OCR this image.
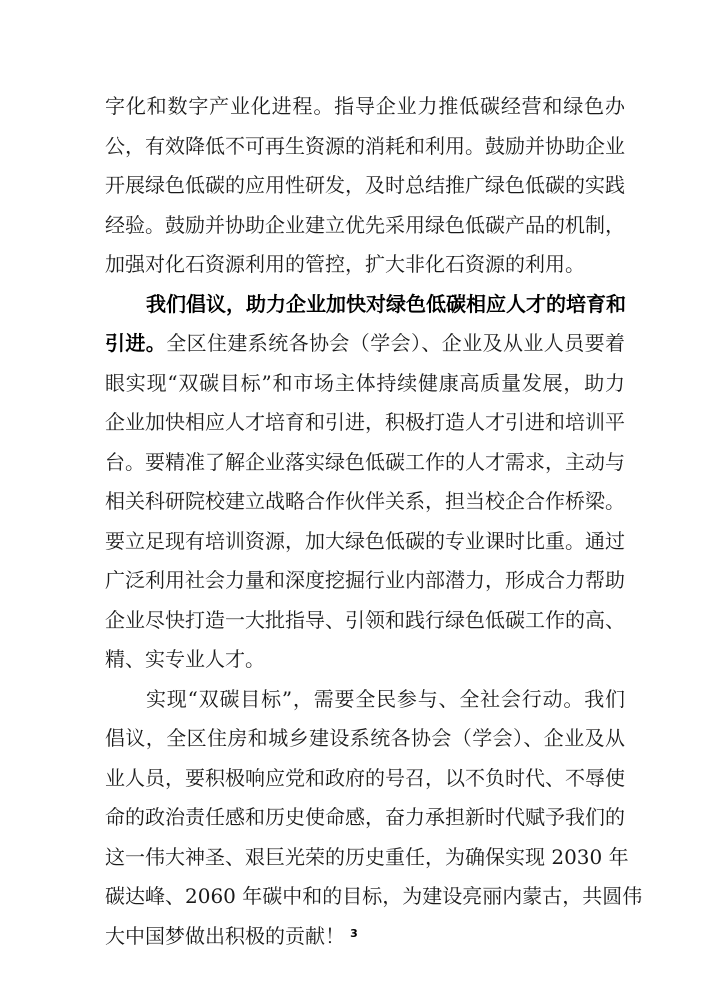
字化和数字产业化进程。指导企业力推低碳经营和绿色办
公，有效降低不可再生资源的消耗和利用。鼓励并协助企业
开展绿色低碳的应用性研发，及时总结推广绿色低碳的实践
经验。鼓励并协助企业建立优先采用绿色低碳产品的机制，
加强对化石资源利用的管控，扩大非化石资源的利用。
我们倡议，助力企业加快对绿色低碳相应人才的培育和
引进。全区住建系统各协会（学会）、企业及从业人员要着
眼实现“双碳目标”和市场主体持续健康高质量发展，助力
企业加快相应人才培育和引进，积极打造人才引进和培训平
台。要精准了解企业落实绿色低碳工作的人才需求，主动与
相关科研院校建立战略合作伙伴关系，担当校企合作桥梁。
要立足现有培训资源，加大绿色低碳的专业课时比重。通过
广泛利用社会力量和深度挖掘行业内部潜力，形成合力帮助
企业尽快打造一大批指导、引领和践行绿色低碳工作的高、
精、实专业人才。
实现“双碳目标”，需要全民参与、全社会行动。我们
倡议，全区住房和城乡建设系统各协会（学会）、企业及从
业人员，要积极响应党和政府的号召，以不负时代、不辱使
3
命的政治责任感和历史使命感，奋力承担新时代赋予我们的
这一伟大神圣、艰巨光荣的历史重任，为确保实现 2030 年
碳达峰、2060 年碳中和的目标，为建设亮丽内蒙古，共圆伟
大中国梦做出积极的贡献！
